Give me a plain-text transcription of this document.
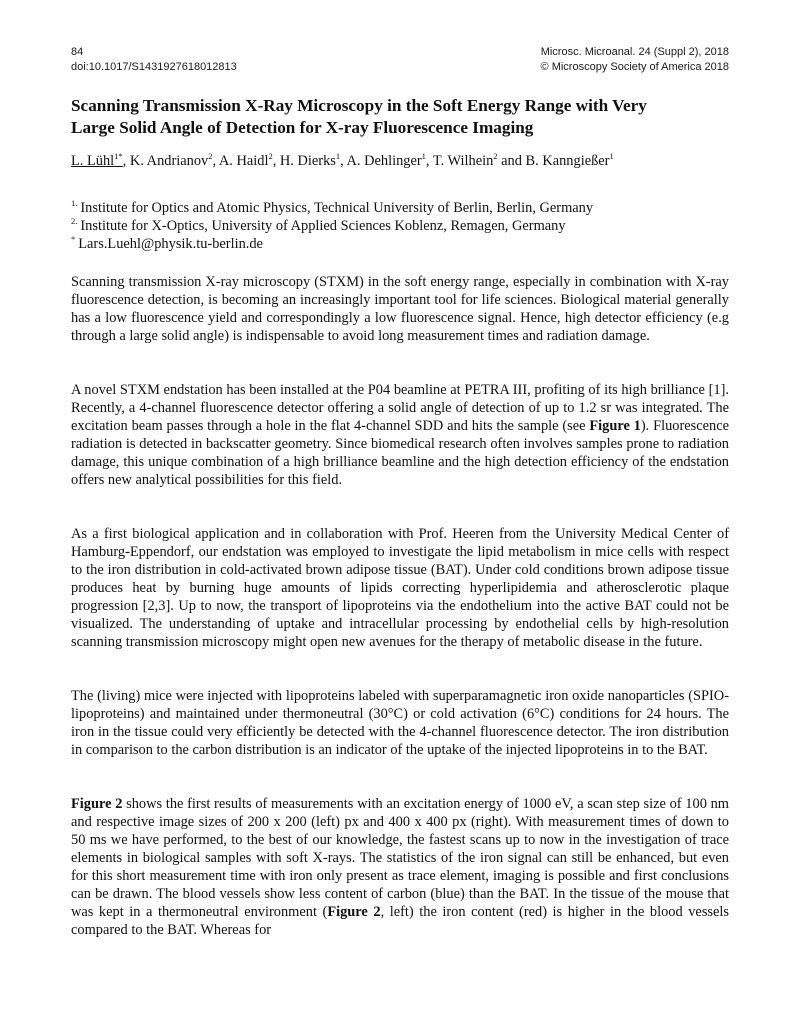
84
doi:10.1017/S1431927618012813
Microsc. Microanal. 24 (Suppl 2), 2018
© Microscopy Society of America 2018
Scanning Transmission X-Ray Microscopy in the Soft Energy Range with Very
Large Solid Angle of Detection for X-ray Fluorescence Imaging
L. Lühl$^{1*}$, K. Andrianov$^2$, A. Haidl$^2$, H. Dierks$^1$, A. Dehlinger$^1$, T. Wilhein$^2$ and B. Kanngießer$^1$
$^{1.}$ Institute for Optics and Atomic Physics, Technical University of Berlin, Berlin, Germany
$^{2.}$ Institute for X-Optics, University of Applied Sciences Koblenz, Remagen, Germany
* Lars.Luehl@physik.tu-berlin.de

Scanning transmission X-ray microscopy (STXM) in the soft energy range, especially in combination with X-ray fluorescence detection, is becoming an increasingly important tool for life sciences. Biological material generally has a low fluorescence yield and correspondingly a low fluorescence signal. Hence, high detector efficiency (e.g through a large solid angle) is indispensable to avoid long measurement times and radiation damage.

A novel STXM endstation has been installed at the P04 beamline at PETRA III, profiting of its high brilliance [1]. Recently, a 4-channel fluorescence detector offering a solid angle of detection of up to 1.2 sr was integrated. The excitation beam passes through a hole in the flat 4-channel SDD and hits the sample (see Figure 1). Fluorescence radiation is detected in backscatter geometry. Since biomedical research often involves samples prone to radiation damage, this unique combination of a high brilliance beamline and the high detection efficiency of the endstation offers new analytical possibilities for this field.

As a first biological application and in collaboration with Prof. Heeren from the University Medical Center of Hamburg-Eppendorf, our endstation was employed to investigate the lipid metabolism in mice cells with respect to the iron distribution in cold-activated brown adipose tissue (BAT). Under cold conditions brown adipose tissue produces heat by burning huge amounts of lipids correcting hyperlipidemia and atherosclerotic plaque progression [2,3]. Up to now, the transport of lipoproteins via the endothelium into the active BAT could not be visualized. The understanding of uptake and intracellular processing by endothelial cells by high-resolution scanning transmission microscopy might open new avenues for the therapy of metabolic disease in the future.

The (living) mice were injected with lipoproteins labeled with superparamagnetic iron oxide nanoparticles (SPIO-lipoproteins) and maintained under thermoneutral (30°C) or cold activation (6°C) conditions for 24 hours. The iron in the tissue could very efficiently be detected with the 4-channel fluorescence detector. The iron distribution in comparison to the carbon distribution is an indicator of the uptake of the injected lipoproteins in to the BAT.

Figure 2 shows the first results of measurements with an excitation energy of 1000 eV, a scan step size of 100 nm and respective image sizes of 200 x 200 (left) px and 400 x 400 px (right). With measurement times of down to 50 ms we have performed, to the best of our knowledge, the fastest scans up to now in the investigation of trace elements in biological samples with soft X-rays. The statistics of the iron signal can still be enhanced, but even for this short measurement time with iron only present as trace element, imaging is possible and first conclusions can be drawn. The blood vessels show less content of carbon (blue) than the BAT. In the tissue of the mouse that was kept in a thermoneutral environment (Figure 2, left) the iron content (red) is higher in the blood vessels compared to the BAT. Whereas for
